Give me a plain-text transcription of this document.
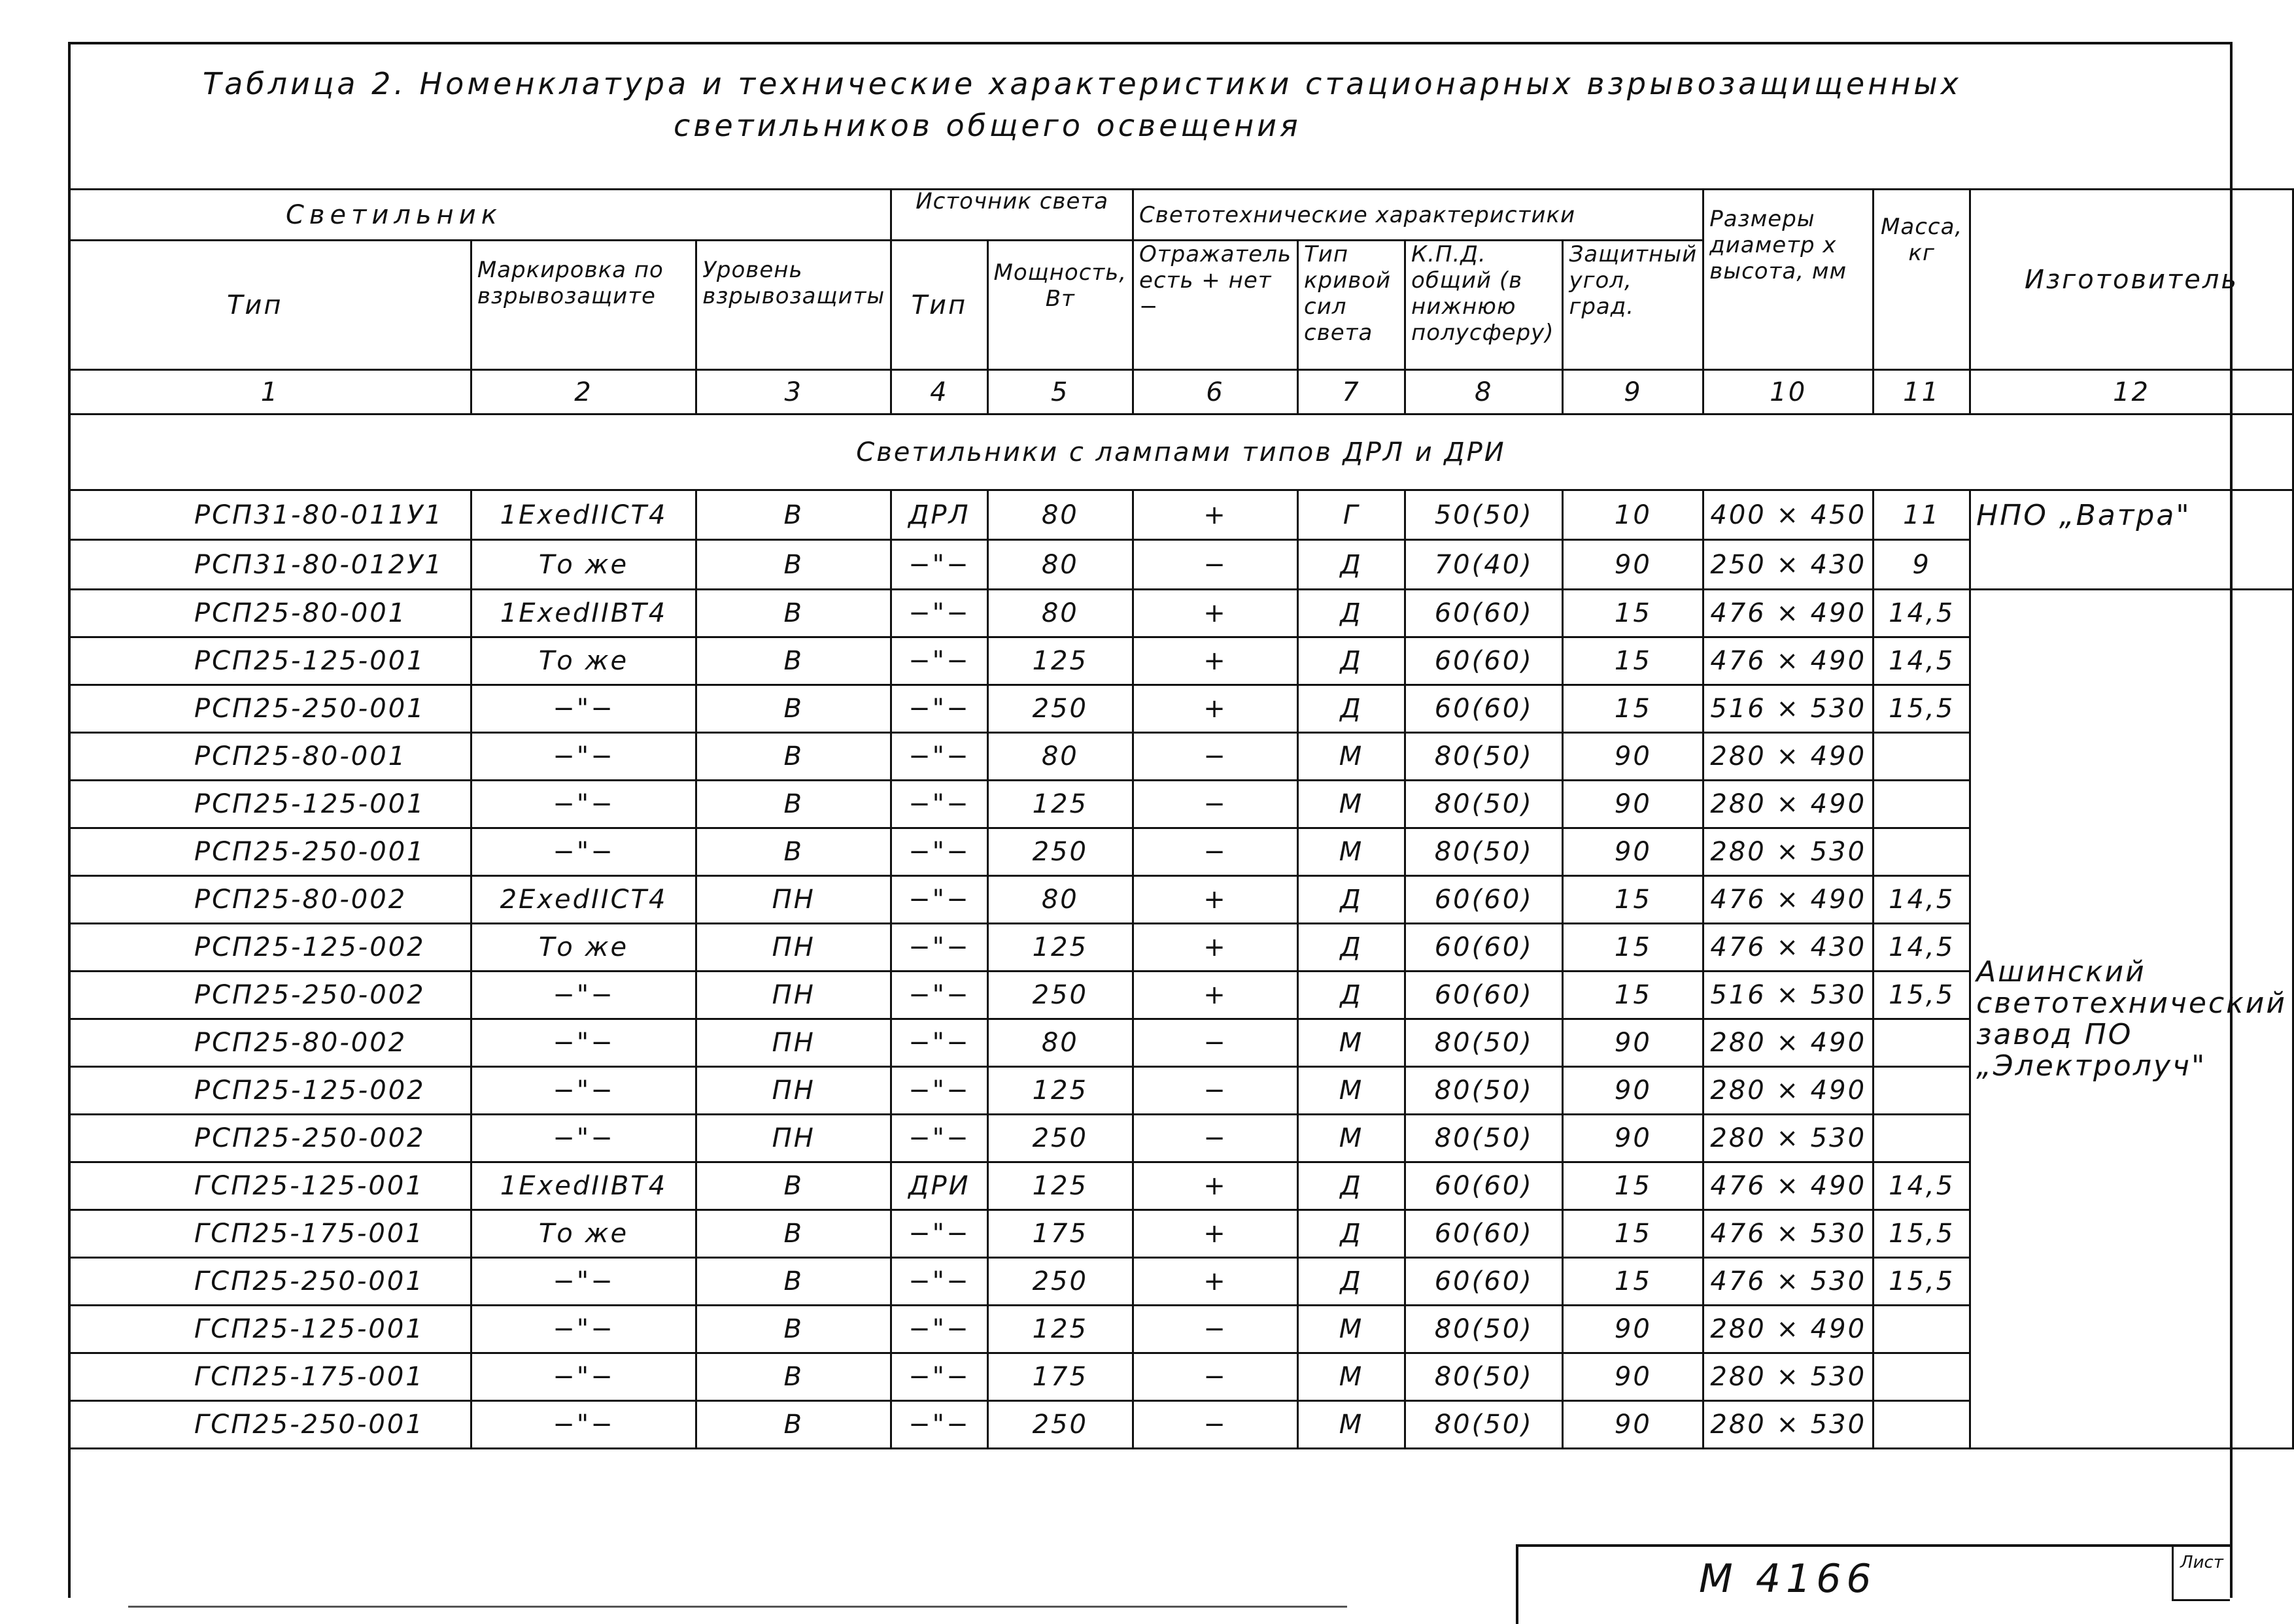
Таблица 2. Номенклатура и технические характеристики стационарных взрывозащищенных
светильников общего освещения
Светильник			Источник света		Светотехнические характеристики				Размеры диаметр х высота, мм	Масса, кг	Изготовитель
Тип	Маркировка по взрывозащите	Уровень взрывозащиты	Тип	Мощность, Вт	Отражатель есть + нет −	Тип кривой сил света	К.П.Д. общий (в нижнюю полусферу)	Защитный угол, град.			
1	2	3	4	5	6	7	8	9	10	11	12
Светильники с лампами типов ДРЛ и ДРИ											
РСП31-80-011У1	1ExedIICT4	В	ДРЛ	80	+	Г	50(50)	10	400 × 450	11	НПО „Ватра"
РСП31-80-012У1	То же	В	−"−	80	−	Д	70(40)	90	250 × 430	9	
РСП25-80-001	1ExedIIBT4	В	−"−	80	+	Д	60(60)	15	476 × 490	14,5	Ашинский светотехнический завод ПО „Электролуч"
РСП25-125-001	То же	В	−"−	125	+	Д	60(60)	15	476 × 490	14,5	
РСП25-250-001	−"−	В	−"−	250	+	Д	60(60)	15	516 × 530	15,5	
РСП25-80-001	−"−	В	−"−	80	−	М	80(50)	90	280 × 490		
РСП25-125-001	−"−	В	−"−	125	−	М	80(50)	90	280 × 490		
РСП25-250-001	−"−	В	−"−	250	−	М	80(50)	90	280 × 530		
РСП25-80-002	2ExedIICT4	ПН	−"−	80	+	Д	60(60)	15	476 × 490	14,5	
РСП25-125-002	То же	ПН	−"−	125	+	Д	60(60)	15	476 × 430	14,5	
РСП25-250-002	−"−	ПН	−"−	250	+	Д	60(60)	15	516 × 530	15,5	
РСП25-80-002	−"−	ПН	−"−	80	−	М	80(50)	90	280 × 490		
РСП25-125-002	−"−	ПН	−"−	125	−	М	80(50)	90	280 × 490		
РСП25-250-002	−"−	ПН	−"−	250	−	М	80(50)	90	280 × 530		
ГСП25-125-001	1ExedIIBT4	В	ДРИ	125	+	Д	60(60)	15	476 × 490	14,5	
ГСП25-175-001	То же	В	−"−	175	+	Д	60(60)	15	476 × 530	15,5	
ГСП25-250-001	−"−	В	−"−	250	+	Д	60(60)	15	476 × 530	15,5	
ГСП25-125-001	−"−	В	−"−	125	−	М	80(50)	90	280 × 490		
ГСП25-175-001	−"−	В	−"−	175	−	М	80(50)	90	280 × 530		
ГСП25-250-001	−"−	В	−"−	250	−	М	80(50)	90	280 × 530		
М 4166	Лист
